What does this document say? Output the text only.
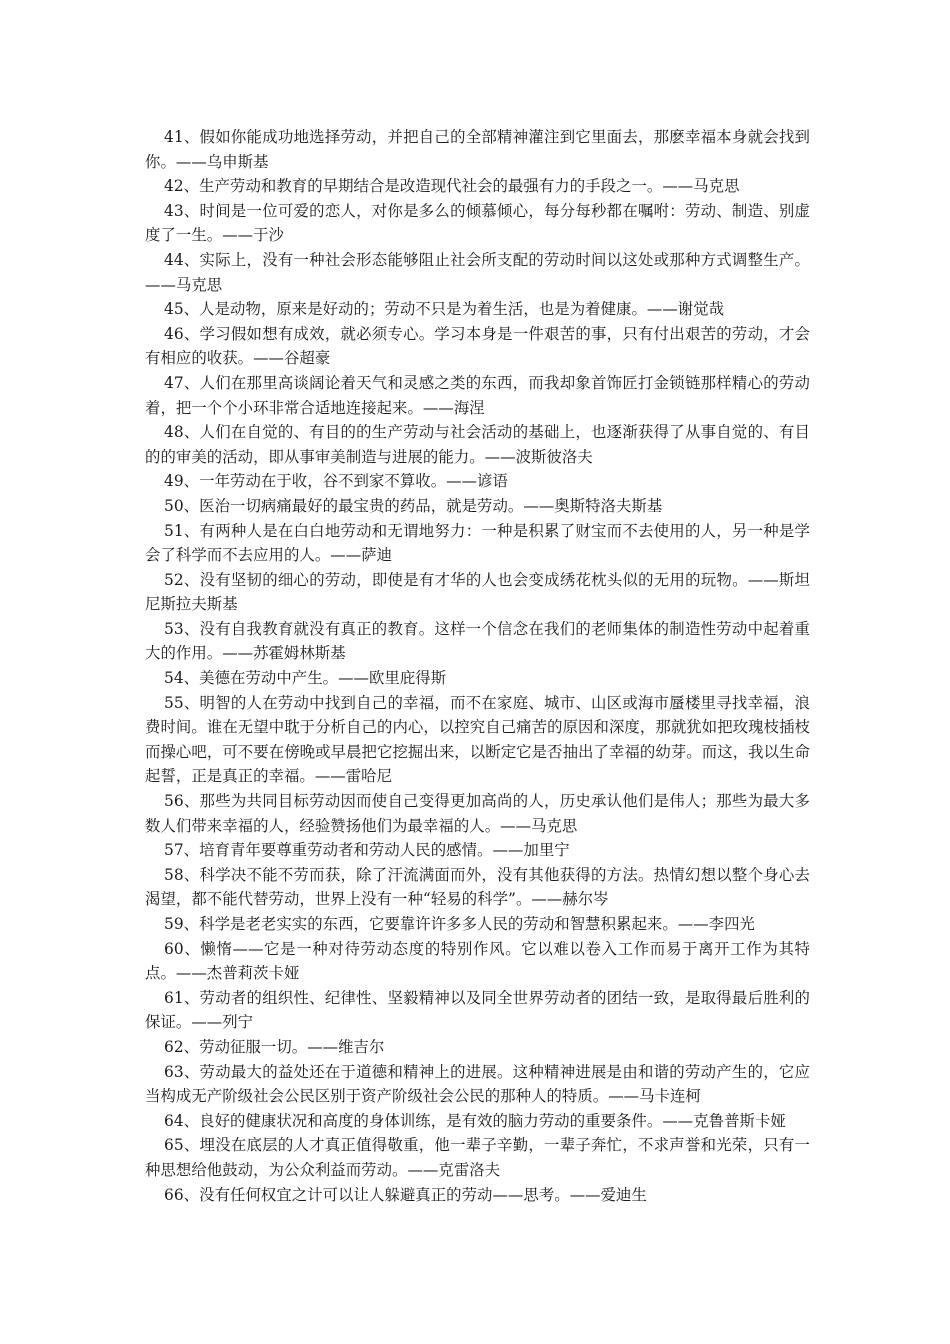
41、假如你能成功地选择劳动，并把自己的全部精神灌注到它里面去，那麽幸福本身就会找到你。——乌申斯基

42、生产劳动和教育的早期结合是改造现代社会的最强有力的手段之一。——马克思

43、时间是一位可爱的恋人，对你是多么的倾慕倾心，每分每秒都在嘱咐：劳动、制造、别虚度了一生。——于沙

44、实际上，没有一种社会形态能够阻止社会所支配的劳动时间以这处或那种方式调整生产。——马克思

45、人是动物，原来是好动的；劳动不只是为着生活，也是为着健康。——谢觉哉

46、学习假如想有成效，就必须专心。学习本身是一件艰苦的事，只有付出艰苦的劳动，才会有相应的收获。——谷超豪

47、人们在那里高谈阔论着天气和灵感之类的东西，而我却象首饰匠打金锁链那样精心的劳动着，把一个个小环非常合适地连接起来。——海涅

48、人们在自觉的、有目的的生产劳动与社会活动的基础上，也逐渐获得了从事自觉的、有目的的审美的活动，即从事审美制造与进展的能力。——波斯彼洛夫

49、一年劳动在于收，谷不到家不算收。——谚语

50、医治一切病痛最好的最宝贵的药品，就是劳动。——奥斯特洛夫斯基

51、有两种人是在白白地劳动和无谓地努力：一种是积累了财宝而不去使用的人，另一种是学会了科学而不去应用的人。——萨迪

52、没有坚韧的细心的劳动，即使是有才华的人也会变成绣花枕头似的无用的玩物。——斯坦尼斯拉夫斯基

53、没有自我教育就没有真正的教育。这样一个信念在我们的老师集体的制造性劳动中起着重大的作用。——苏霍姆林斯基

54、美德在劳动中产生。——欧里庇得斯

55、明智的人在劳动中找到自己的幸福，而不在家庭、城市、山区或海市蜃楼里寻找幸福，浪费时间。谁在无望中耽于分析自己的内心，以控究自己痛苦的原因和深度，那就犹如把玫瑰枝插枝而操心吧，可不要在傍晚或早晨把它挖掘出来，以断定它是否抽出了幸福的幼芽。而这，我以生命起誓，正是真正的幸福。——雷哈尼

56、那些为共同目标劳动因而使自己变得更加高尚的人，历史承认他们是伟人；那些为最大多数人们带来幸福的人，经验赞扬他们为最幸福的人。——马克思

57、培育青年要尊重劳动者和劳动人民的感情。——加里宁

58、科学决不能不劳而获，除了汗流满面而外，没有其他获得的方法。热情幻想以整个身心去渴望，都不能代替劳动，世界上没有一种“轻易的科学”。——赫尔岑

59、科学是老老实实的东西，它要靠许许多多人民的劳动和智慧积累起来。——李四光

60、懒惰——它是一种对待劳动态度的特别作风。它以难以卷入工作而易于离开工作为其特点。——杰普莉茨卡娅

61、劳动者的组织性、纪律性、坚毅精神以及同全世界劳动者的团结一致，是取得最后胜利的保证。——列宁

62、劳动征服一切。——维吉尔

63、劳动最大的益处还在于道德和精神上的进展。这种精神进展是由和谐的劳动产生的，它应当构成无产阶级社会公民区别于资产阶级社会公民的那种人的特质。——马卡连柯

64、良好的健康状况和高度的身体训练，是有效的脑力劳动的重要条件。——克鲁普斯卡娅

65、埋没在底层的人才真正值得敬重，他一辈子辛勤，一辈子奔忙，不求声誉和光荣，只有一种思想给他鼓动，为公众利益而劳动。——克雷洛夫

66、没有任何权宜之计可以让人躲避真正的劳动——思考。——爱迪生
